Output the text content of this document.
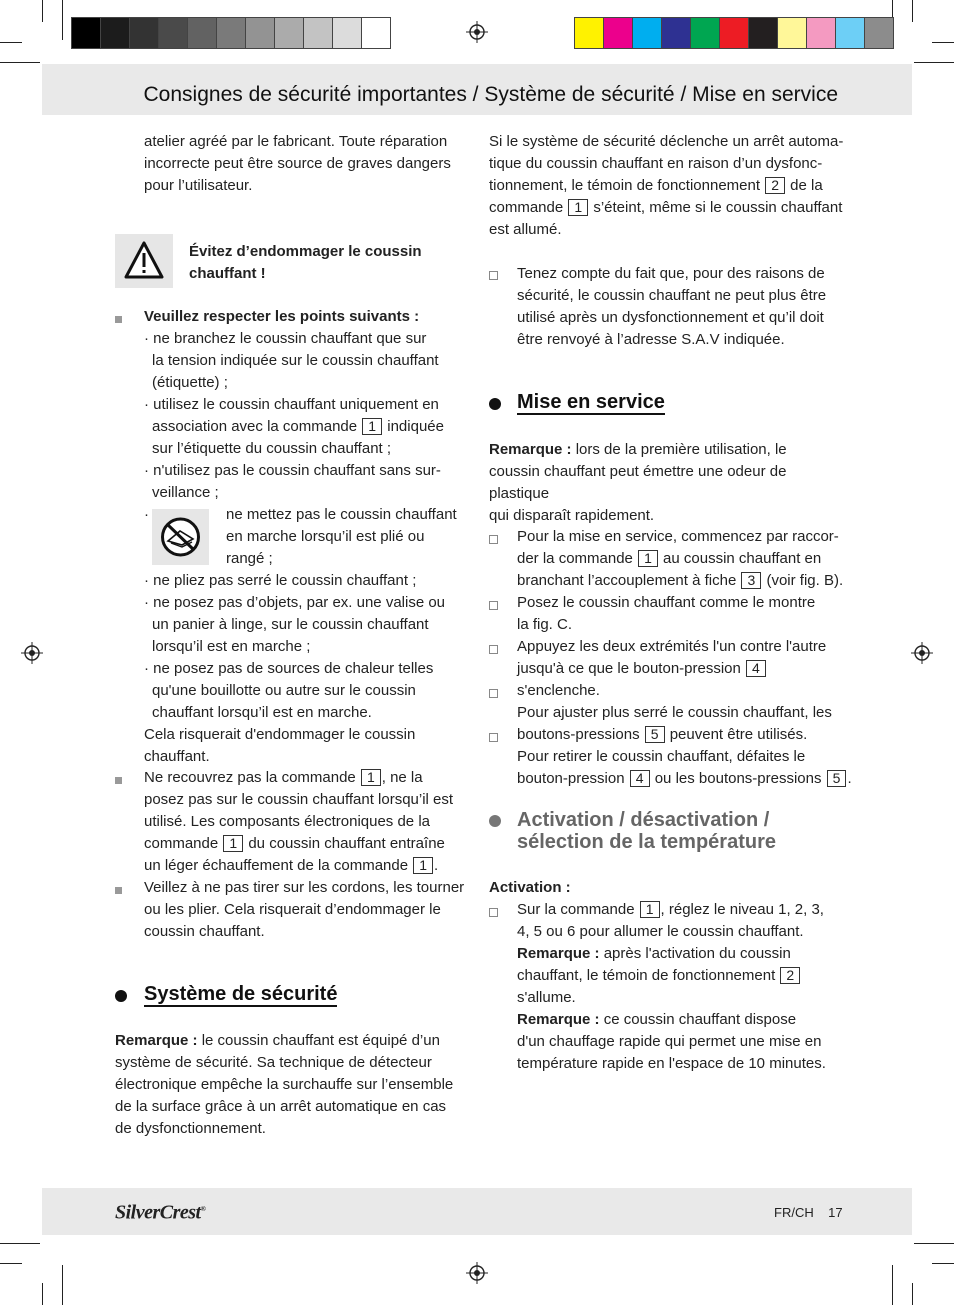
Consignes de sécurité importantes / Système de sécurité / Mise en service

atelier agréé par le fabricant. Toute réparation

incorrecte peut être source de graves dangers

pour l’utilisateur.

Évitez d’endommager le coussin

chauffant !

Veuillez respecter les points suivants :

· ne branchez le coussin chauffant que sur

la tension indiquée sur le coussin chauffant

(étiquette) ;

· utilisez le coussin chauffant uniquement en

association avec la commande 1 indiquée

sur l’étiquette du coussin chauffant ;

· n'utilisez pas le coussin chauffant sans sur-

veillance ;

·	ne mettez pas le coussin chauffant

en marche lorsqu’il est plié ou

rangé ;

· ne pliez pas serré le coussin chauffant ;

· ne posez pas d’objets, par ex. une valise ou

un panier à linge, sur le coussin chauffant

lorsqu’il est en marche ;

· ne posez pas de sources de chaleur telles

qu'une bouillotte ou autre sur le coussin

chauffant lorsqu’il est en marche.

Cela risquerait d'endommager le coussin

chauffant.

Ne recouvrez pas la commande 1 , ne la

posez pas sur le coussin chauffant lorsqu’il est

utilisé. Les composants électroniques de la

commande 1 du coussin chauffant entraîne

un léger échauffement de la commande 1 .

Veillez à ne pas tirer sur les cordons, les tourner

ou les plier. Cela risquerait d’endommager le

coussin chauffant.

Système de sécurité

Remarque : le coussin chauffant est équipé d’un

système de sécurité. Sa technique de détecteur

électronique empêche la surchauffe sur l’ensemble

de la surface grâce à un arrêt automatique en cas

de dysfonctionnement.

Si le système de sécurité déclenche un arrêt automa-

tique du coussin chauffant en raison d’un dysfonc-

tionnement, le témoin de fonctionnement 2 de la

commande 1 s’éteint, même si le coussin chauffant

est allumé.

Tenez compte du fait que, pour des raisons de

sécurité, le coussin chauffant ne peut plus être

utilisé après un dysfonctionnement et qu’il doit

être renvoyé à l’adresse S.A.V indiquée.

Mise en service

Remarque : lors de la première utilisation, le

coussin chauffant peut émettre une odeur de plastique

qui disparaît rapidement.

Pour la mise en service, commencez par raccor-

der la commande 1 au coussin chauffant en

branchant l’accouplement à fiche 3 (voir fig. B).

Posez le coussin chauffant comme le montre

la fig. C.

Appuyez les deux extrémités l'un contre l'autre

jusqu'à ce que le bouton-pression 4 s'enclenche.

Pour ajuster plus serré le coussin chauffant, les

boutons-pressions 5 peuvent être utilisés.

Pour retirer le coussin chauffant, défaites le

bouton-pression 4 ou les boutons-pressions 5 .

Activation / désactivation /

sélection de la température

Activation :

Sur la commande 1 , réglez le niveau 1, 2, 3,

4, 5 ou 6 pour allumer le coussin chauffant.

Remarque : après l'activation du coussin

chauffant, le témoin de fonctionnement 2

s'allume.

Remarque : ce coussin chauffant dispose

d'un chauffage rapide qui permet une mise en

température rapide en l'espace de 10 minutes.

SilverCrest®	FR/CH 17
